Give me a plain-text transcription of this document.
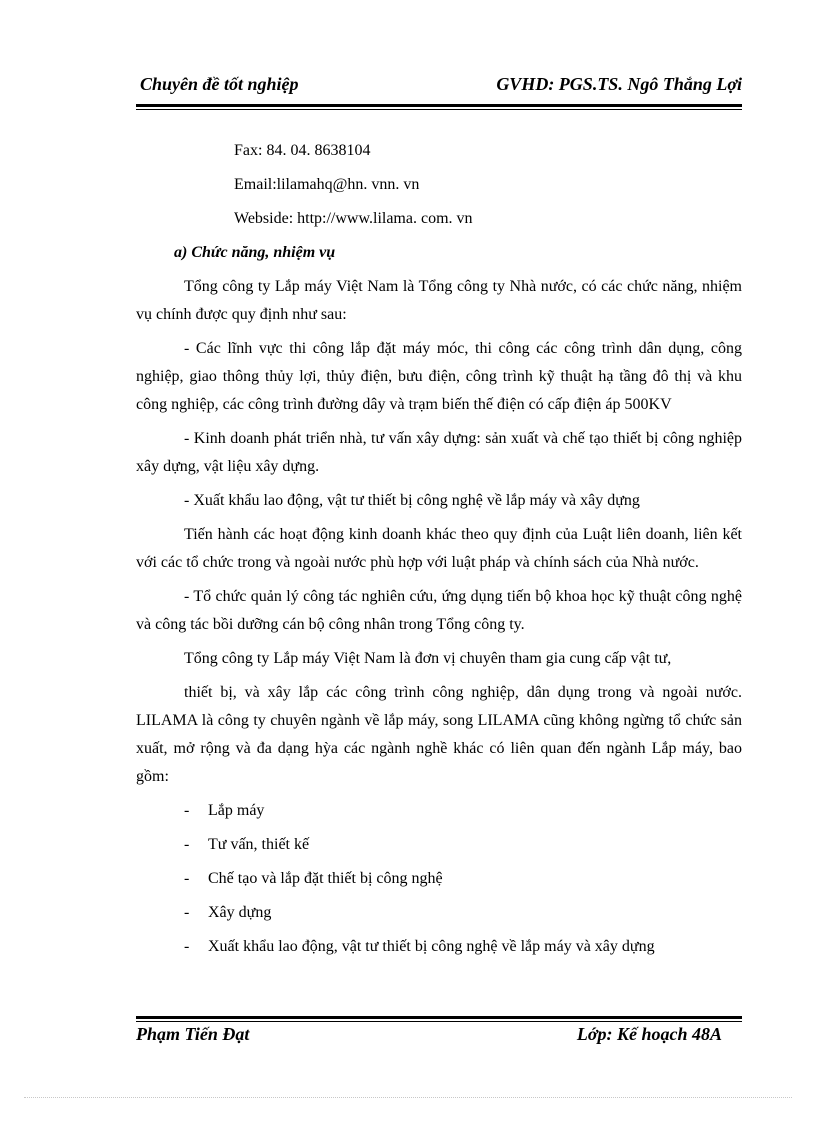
Chuyên đề tốt nghiệp	GVHD: PGS.TS. Ngô Thắng Lợi

Fax: 84. 04. 8638104

Email:lilamahq@hn. vnn. vn

Webside: http://www.lilama. com. vn

a) Chức năng, nhiệm vụ

Tổng công ty Lắp máy Việt Nam là Tổng công ty Nhà nước, có các chức năng, nhiệm vụ chính được quy định như sau:

- Các lĩnh vực thi công lắp đặt máy móc, thi công các công trình dân dụng, công nghiệp, giao thông thủy lợi, thủy điện, bưu điện, công trình kỹ thuật hạ tầng đô thị và khu công nghiệp, các công trình đường dây và trạm biến thế điện có cấp điện áp 500KV

- Kinh doanh phát triển nhà, tư vấn xây dựng: sản xuất và chế tạo thiết bị công nghiệp xây dựng, vật liệu xây dựng.

- Xuất khẩu lao động, vật tư thiết bị công nghệ về lắp máy và xây dựng

Tiến hành các hoạt động kinh doanh khác theo quy định của Luật liên doanh, liên kết với các tổ chức trong và ngoài nước phù hợp với luật pháp và chính sách của Nhà nước.

- Tổ chức quản lý công tác nghiên cứu, ứng dụng tiến bộ khoa học kỹ thuật công nghệ và công tác bồi dưỡng cán bộ công nhân trong Tổng công ty.

Tổng công ty Lắp máy Việt Nam là đơn vị chuyên tham gia cung cấp vật tư,

thiết bị, và xây lắp các công trình công nghiệp, dân dụng trong và ngoài nước. LILAMA là công ty chuyên ngành về lắp máy, song LILAMA cũng không ngừng tổ chức sản xuất, mở rộng và đa dạng hỳa các ngành nghề khác có liên quan đến ngành Lắp máy, bao gồm:

- Lắp máy

- Tư vấn, thiết kế

- Chế tạo và lắp đặt thiết bị công nghệ

- Xây dựng

- Xuất khẩu lao động, vật tư thiết bị công nghệ về lắp máy và xây dựng

Phạm Tiến Đạt	Lớp: Kế hoạch 48A
